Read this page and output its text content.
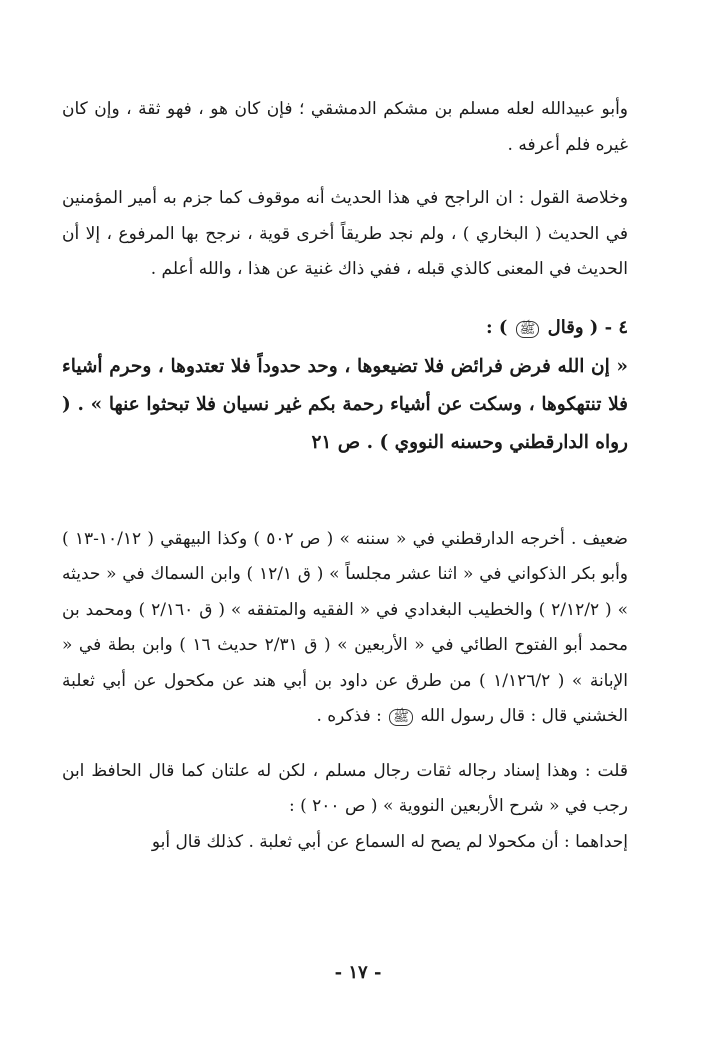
وأبو عبيدالله لعله مسلم بن مشكم الدمشقي ؛ فإن كان هو ، فهو ثقة ، وإن كان غيره فلم أعرفه .

وخلاصة القول : ان الراجح في هذا الحديث أنه موقوف كما جزم به أمير المؤمنين في الحديث ( البخاري ) ، ولم نجد طريقاً أخرى قوية ، نرجح بها المرفوع ، إلا أن الحديث في المعنى كالذي قبله ، ففي ذاك غنية عن هذا ، والله أعلم .

٤ - ( وقال ﷺ ) :

« إن الله فرض فرائض فلا تضيعوها ، وحد حدوداً فلا تعتدوها ، وحرم أشياء فلا تنتهكوها ، وسكت عن أشياء رحمة بكم غير نسيان فلا تبحثوا عنها » . ( رواه الدارقطني وحسنه النووي ) . ص ٢١

ضعيف . أخرجه الدارقطني في « سننه » ( ص ٥٠٢ ) وكذا البيهقي ( ١٠/١٢-١٣ ) وأبو بكر الذكواني في « اثنا عشر مجلساً » ( ق ١٢/١ ) وابن السماك في « حديثه » ( ٢/١٢/٢ ) والخطيب البغدادي في « الفقيه والمتفقه » ( ق ٢/١٦٠ ) ومحمد بن محمد أبو الفتوح الطائي في « الأربعين » ( ق ٢/٣١ حديث ١٦ ) وابن بطة في « الإبانة » ( ١/١٢٦/٢ ) من طرق عن داود بن أبي هند عن مكحول عن أبي ثعلبة الخشني قال : قال رسول الله ﷺ : فذكره .

قلت : وهذا إسناد رجاله ثقات رجال مسلم ، لكن له علتان كما قال الحافظ ابن رجب في « شرح الأربعين النووية » ( ص ٢٠٠ ) :

إحداهما : أن مكحولا لم يصح له السماع عن أبي ثعلبة . كذلك قال أبو

- ١٧ -
